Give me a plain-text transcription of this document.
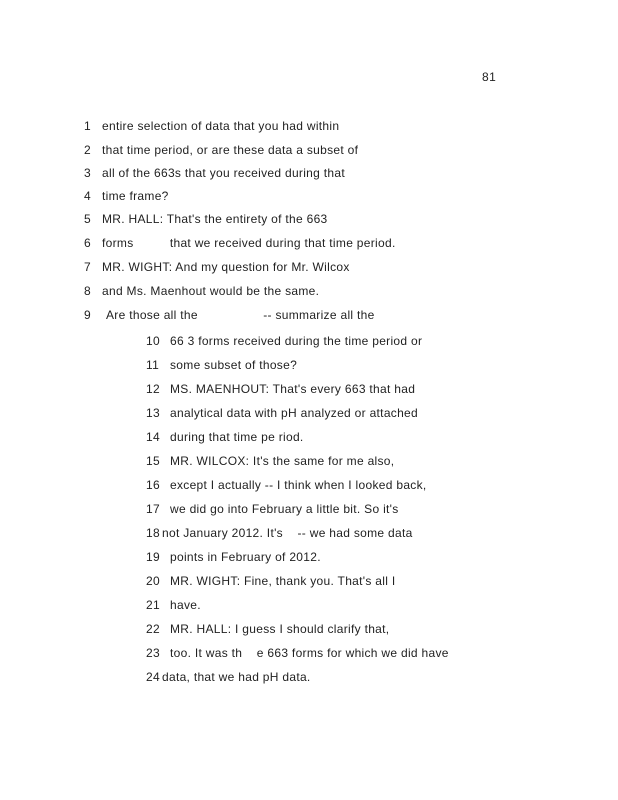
81
1 entire selection of data that you had within
2 that time period, or are these data a subset of
3 all of the 663s that you received during that
4 time frame?
5 MR. HALL: That's the entirety of the 663
6 forms          that we received during that time period.
7 MR. WIGHT: And my question for Mr. Wilcox
8 and Ms. Maenhout would be the same.
9 Are those all the                  -- summarize all the
10 66 3 forms received during the time period or
11 some subset of those?
12 MS. MAENHOUT: That's every 663 that had
13 analytical data with pH analyzed or attached
14 during that time pe riod.
15 MR. WILCOX: It's the same for me also,
16 except I actually -- I think when I looked back,
17 we did go into February a little bit. So it's
18 not January 2012. It's    -- we had some data
19 points in February of 2012.
20 MR. WIGHT: Fine, thank you. That's all I
21 have.
22 MR. HALL: I guess I should clarify that,
23 too. It was th    e 663 forms for which we did have
24 data, that we had pH data.
